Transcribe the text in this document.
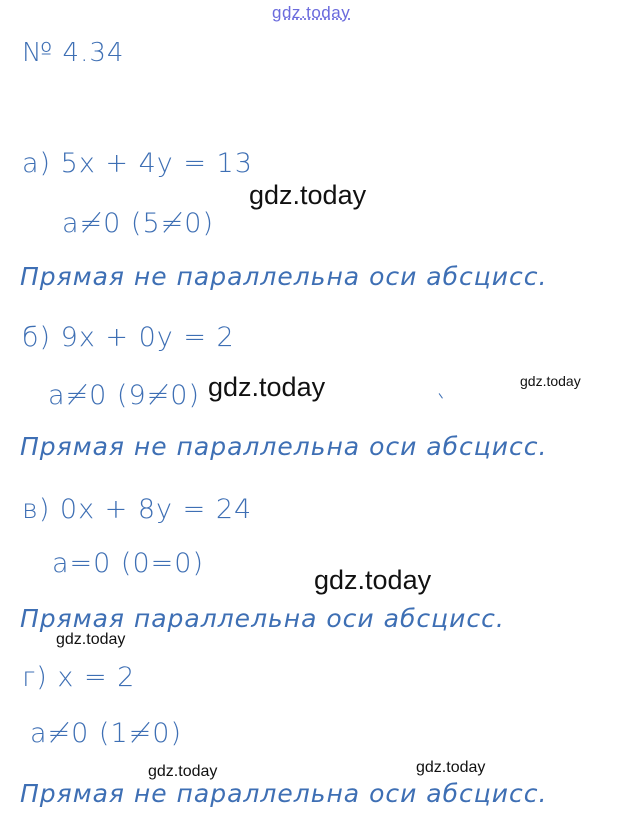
gdz.today
№ 4.34
а) 5x + 4y = 13
a≠0 (5≠0)
gdz.today
Прямая не параллельна оси абсцисс.
б) 9x + 0y = 2
a≠0 (9≠0) gdz.today	gdz.today
Прямая не параллельна оси абсцисс.
в) 0x + 8y = 24
a=0 (0=0)
gdz.today
Прямая параллельна оси абсцисс.
gdz.today
г) x = 2
a≠0 (1≠0)
gdz.today	gdz.today
Прямая не параллельна оси абсцисс.
